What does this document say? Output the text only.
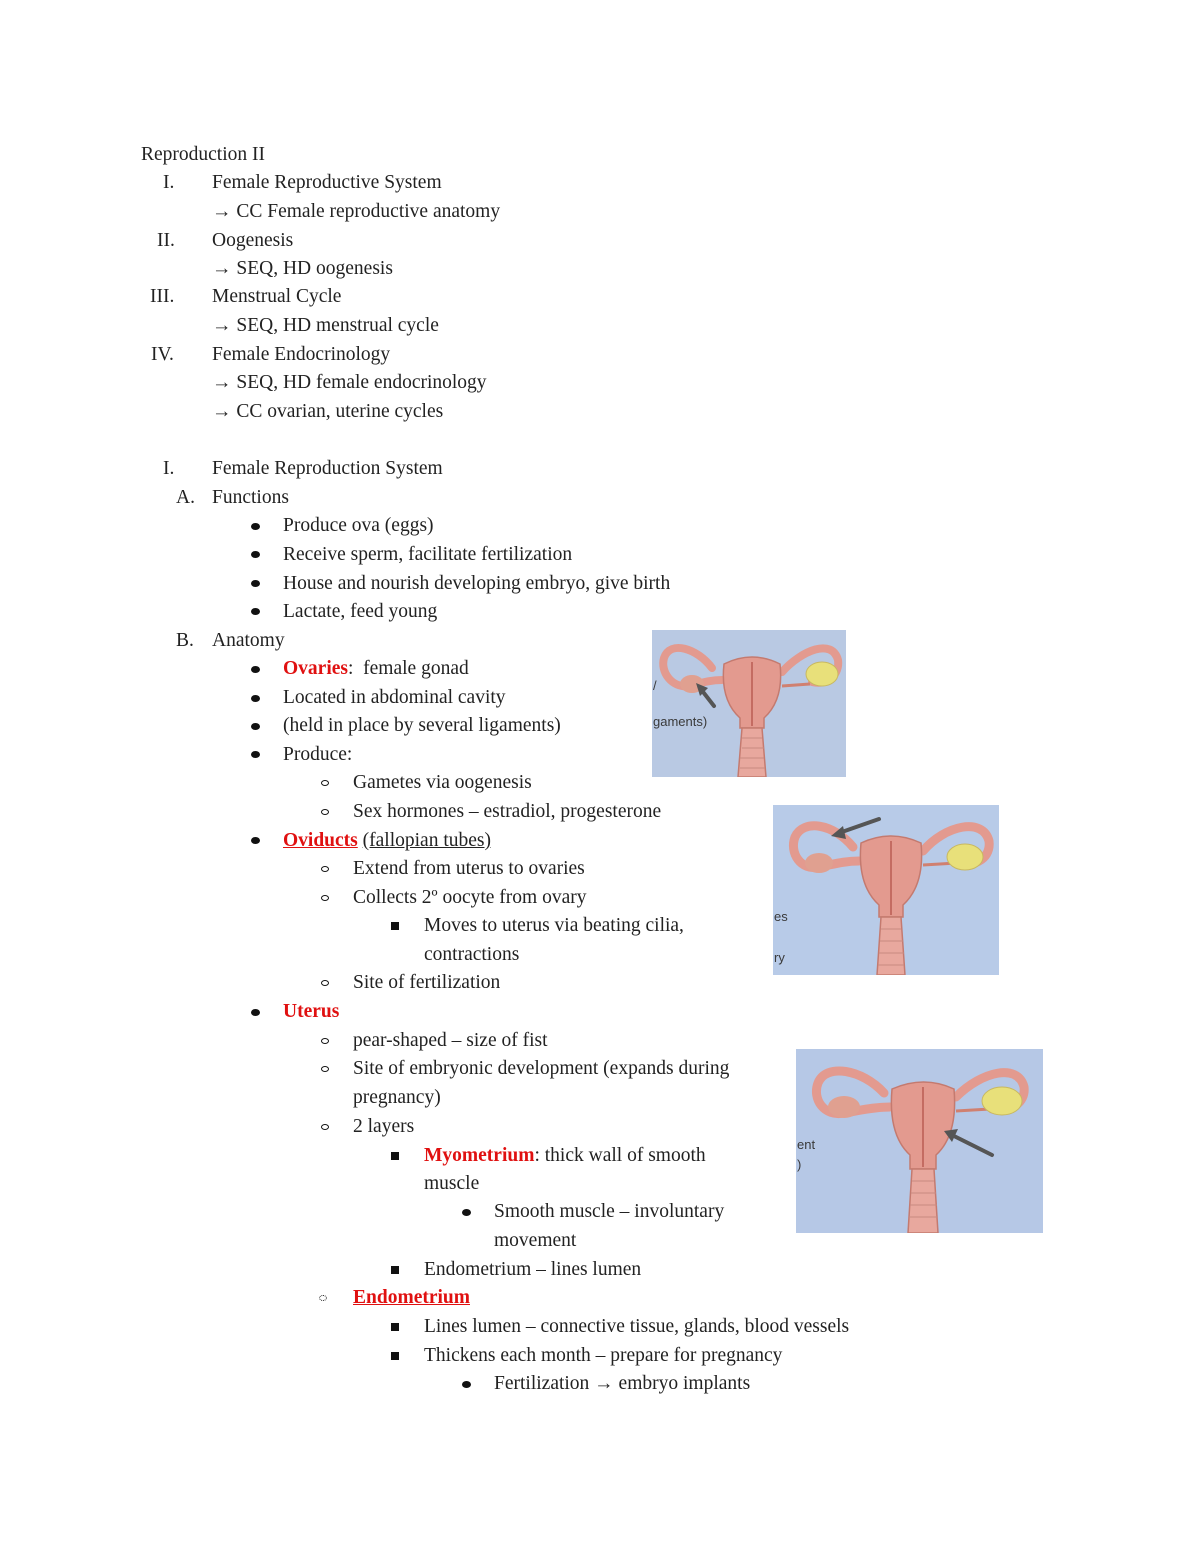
Reproduction II
I. Female Reproductive System
→ CC Female reproductive anatomy
II. Oogenesis
→ SEQ, HD oogenesis
III. Menstrual Cycle
→ SEQ, HD menstrual cycle
IV. Female Endocrinology
→ SEQ, HD female endocrinology
→ CC ovarian, uterine cycles
I. Female Reproduction System
A. Functions
Produce ova (eggs)
Receive sperm, facilitate fertilization
House and nourish developing embryo, give birth
Lactate, feed young
B. Anatomy
Ovaries: female gonad
Located in abdominal cavity
(held in place by several ligaments)
Produce:
Gametes via oogenesis
Sex hormones – estradiol, progesterone
Oviducts (fallopian tubes)
Extend from uterus to ovaries
Collects 2º oocyte from ovary
Moves to uterus via beating cilia,
contractions
Site of fertilization
Uterus
pear-shaped – size of fist
Site of embryonic development (expands during
pregnancy)
2 layers
Myometrium: thick wall of smooth
muscle
Smooth muscle – involuntary
movement
Endometrium – lines lumen
Endometrium
Lines lumen – connective tissue, glands, blood vessels
Thickens each month – prepare for pregnancy
Fertilization → embryo implants
gaments)
/
es
ry
ent
)
